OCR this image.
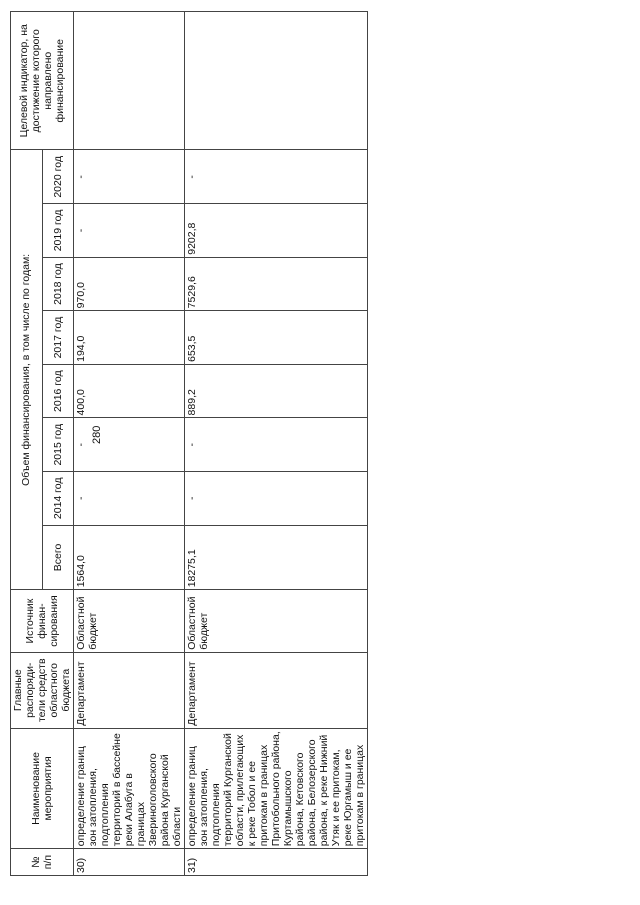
280
№ п/п	Наименование мероприятия	Главные распоряди-тели средств областного бюджета	Источник финан-сирования	Объем финансирования, в том числе по годам:								Целевой индикатор, на достижение которого направлено финансирование
				Всего	2014 год	2015 год	2016 год	2017 год	2018 год	2019 год	2020 год	
30)	определение границ зон затопления, подтопления территорий в бассейне реки Алабуга в границах Звериноголовского района Курганской области	Департамент	Областной бюджет	1564,0	-	-	400,0	194,0	970,0	-	-	
31)	определение границ зон затопления, подтопления территорий Курганской области, прилегающих к реке Тобол и ее притокам в границах Притобольного района, Куртамышского района, Кетовского района, Белозерского района, к реке Нижний Утяк и ее притокам, реке Юргамыш и ее притокам в границах	Департамент	Областной бюджет	18275,1	-	-	889,2	653,5	7529,6	9202,8	-	
